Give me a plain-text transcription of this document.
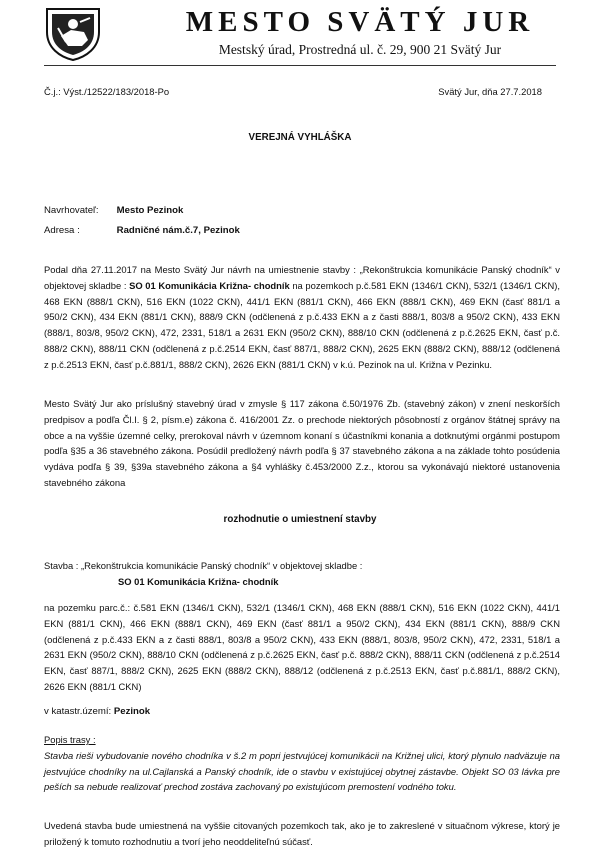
MESTO SVÄTÝ JUR
Mestský úrad, Prostredná ul. č. 29, 900 21 Svätý Jur
Č.j.: Výst./12522/183/2018-Po	Svätý Jur, dňa 27.7.2018
VEREJNÁ VYHLÁŠKA
Navrhovateľ: Mesto Pezinok
Adresa :	Radničné nám.č.7, Pezinok
Podal dňa 27.11.2017 na Mesto Svätý Jur návrh na umiestnenie stavby : „Rekonštrukcia komunikácie Panský chodník“ v objektovej skladbe : SO 01 Komunikácia Križna- chodník na pozemkoch p.č.581 EKN (1346/1 CKN), 532/1 (1346/1 CKN), 468 EKN (888/1 CKN), 516 EKN (1022 CKN), 441/1 EKN (881/1 CKN), 466 EKN (888/1 CKN), 469 EKN (časť 881/1 a 950/2 CKN), 434 EKN (881/1 CKN), 888/9 CKN (odčlenená z p.č.433 EKN a z časti 888/1, 803/8 a 950/2 CKN), 433 EKN (888/1, 803/8, 950/2 CKN), 472, 2331, 518/1 a 2631 EKN (950/2 CKN), 888/10 CKN (odčlenená z p.č.2625 EKN, časť p.č. 888/2 CKN), 888/11 CKN (odčlenená z p.č.2514 EKN, časť 887/1, 888/2 CKN), 2625 EKN (888/2 CKN), 888/12 (odčlenená z p.č.2513 EKN, časť p.č.881/1, 888/2 CKN), 2626 EKN (881/1 CKN) v k.ú. Pezinok na ul. Križna v Pezinku.
Mesto Svätý Jur ako príslušný stavebný úrad v zmysle § 117 zákona č.50/1976 Zb. (stavebný zákon) v znení neskorších predpisov a podľa Čl.I. § 2, písm.e) zákona č. 416/2001 Zz. o prechode niektorých pôsobností z orgánov štátnej správy na obce a na vyššie územné celky, prerokoval návrh v územnom konaní s účastníkmi konania a dotknutými orgánmi postupom podľa §35 a 36 stavebného zákona. Posúdil predložený návrh podľa § 37 stavebného zákona a na základe tohto posúdenia vydáva podľa § 39, §39a stavebného zákona a §4 vyhlášky č.453/2000 Z.z., ktorou sa vykonávajú niektoré ustanovenia stavebného zákona
rozhodnutie o umiestnení stavby
Stavba : „Rekonštrukcia komunikácie Panský chodník“ v objektovej skladbe :
SO 01 Komunikácia Križna- chodník
na pozemku parc.č.: č.581 EKN (1346/1 CKN), 532/1 (1346/1 CKN), 468 EKN (888/1 CKN), 516 EKN (1022 CKN), 441/1 EKN (881/1 CKN), 466 EKN (888/1 CKN), 469 EKN (časť 881/1 a 950/2 CKN), 434 EKN (881/1 CKN), 888/9 CKN (odčlenená z p.č.433 EKN a z časti 888/1, 803/8 a 950/2 CKN), 433 EKN (888/1, 803/8, 950/2 CKN), 472, 2331, 518/1 a 2631 EKN (950/2 CKN), 888/10 CKN (odčlenená z p.č.2625 EKN, časť p.č. 888/2 CKN), 888/11 CKN (odčlenená z p.č.2514 EKN, časť 887/1, 888/2 CKN), 2625 EKN (888/2 CKN), 888/12 (odčlenená z p.č.2513 EKN, časť p.č.881/1, 888/2 CKN), 2626 EKN (881/1 CKN)
v katastr.území: Pezinok
Popis trasy :
Stavba rieši vybudovanie nového chodníka v š.2 m popri jestvujúcej komunikácii na Križnej ulici, ktorý plynulo nadväzuje na jestvujúce chodníky na ul.Cajlanská a Panský chodník, ide o stavbu v existujúcej obytnej zástavbe. Objekt SO 03 lávka pre peších sa nebude realizovať prechod zostáva zachovaný po existujúcom premostení vodného toku.
Uvedená stavba bude umiestnená na vyššie citovaných pozemkoch tak, ako je to zakreslené v situačnom výkrese, ktorý je priložený k tomuto rozhodnutiu a tvorí jeho neoddeliteľnú súčasť.
